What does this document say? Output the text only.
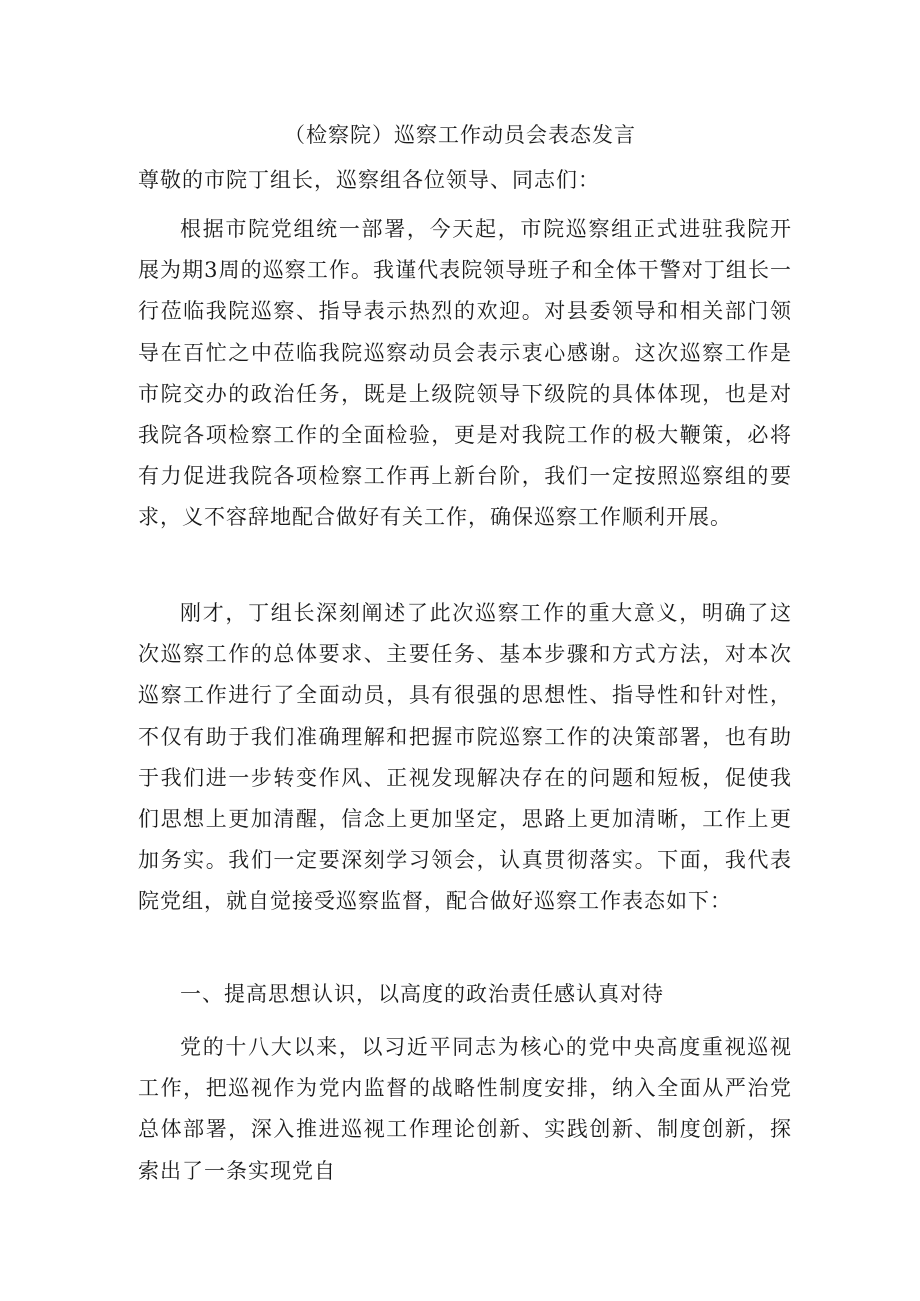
（检察院）巡察工作动员会表态发言
尊敬的市院丁组长，巡察组各位领导、同志们：

根据市院党组统一部署，今天起，市院巡察组正式进驻我院开展为期3周的巡察工作。我谨代表院领导班子和全体干警对丁组长一行莅临我院巡察、指导表示热烈的欢迎。对县委领导和相关部门领导在百忙之中莅临我院巡察动员会表示衷心感谢。这次巡察工作是市院交办的政治任务，既是上级院领导下级院的具体体现，也是对我院各项检察工作的全面检验，更是对我院工作的极大鞭策，必将有力促进我院各项检察工作再上新台阶，我们一定按照巡察组的要求，义不容辞地配合做好有关工作，确保巡察工作顺利开展。

刚才，丁组长深刻阐述了此次巡察工作的重大意义，明确了这次巡察工作的总体要求、主要任务、基本步骤和方式方法，对本次巡察工作进行了全面动员，具有很强的思想性、指导性和针对性，不仅有助于我们准确理解和把握市院巡察工作的决策部署，也有助于我们进一步转变作风、正视发现解决存在的问题和短板，促使我们思想上更加清醒，信念上更加坚定，思路上更加清晰，工作上更加务实。我们一定要深刻学习领会，认真贯彻落实。下面，我代表院党组，就自觉接受巡察监督，配合做好巡察工作表态如下：

一、提高思想认识，以高度的政治责任感认真对待

党的十八大以来，以习近平同志为核心的党中央高度重视巡视工作，把巡视作为党内监督的战略性制度安排，纳入全面从严治党总体部署，深入推进巡视工作理论创新、实践创新、制度创新，探索出了一条实现党自
